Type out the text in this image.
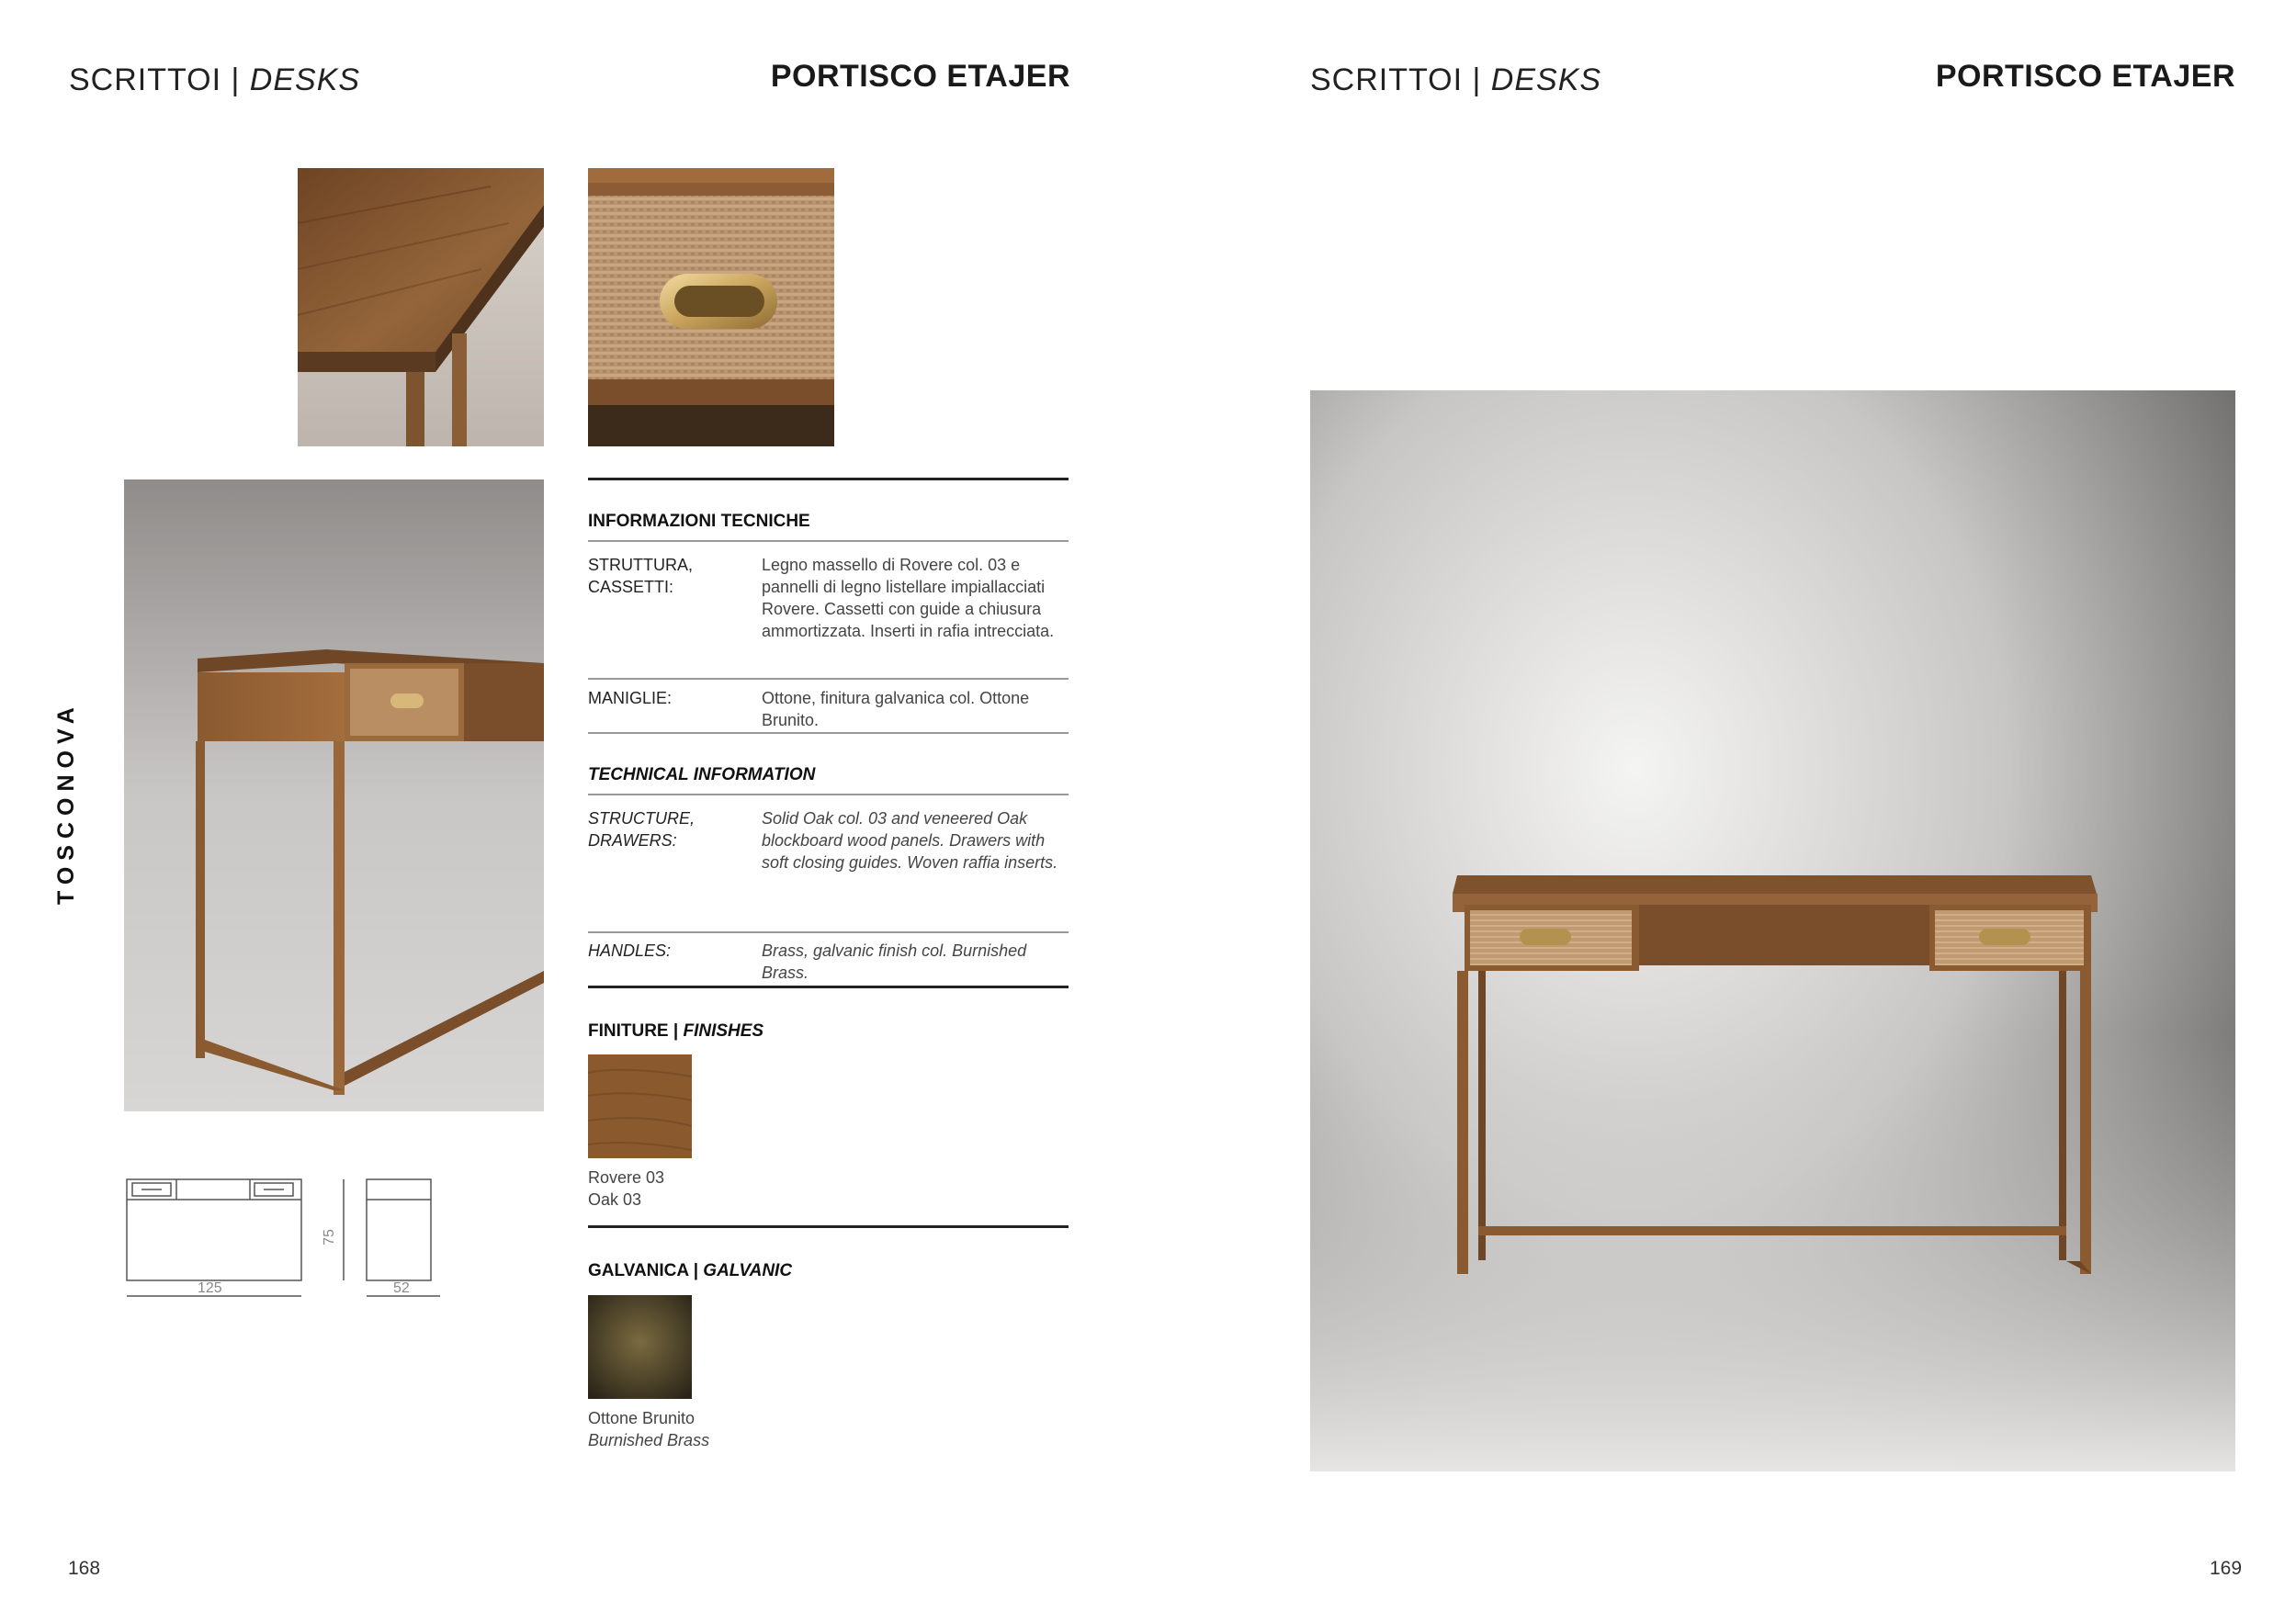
SCRITTOI | DESKS	PORTISCO ETAJER
TOSCONOVA
125	52
75
INFORMAZIONI TECNICHE
STRUTTURA,
CASSETTI:
Legno massello di Rovere col. 03 e
pannelli di legno listellare impiallacciati
Rovere. Cassetti con guide a chiusura
ammortizzata. Inserti in rafia intrecciata.
MANIGLIE:	Ottone, finitura galvanica col. Ottone
Brunito.
TECHNICAL INFORMATION
STRUCTURE,
DRAWERS:
Solid Oak col. 03 and veneered Oak
blockboard wood panels. Drawers with
soft closing guides. Woven raffia inserts.
HANDLES:	Brass, galvanic finish col. Burnished
Brass.
FINITURE | FINISHES
Rovere 03
Oak 03
GALVANICA | GALVANIC
Ottone Brunito
Burnished Brass
168
SCRITTOI | DESKS	PORTISCO ETAJER
169
